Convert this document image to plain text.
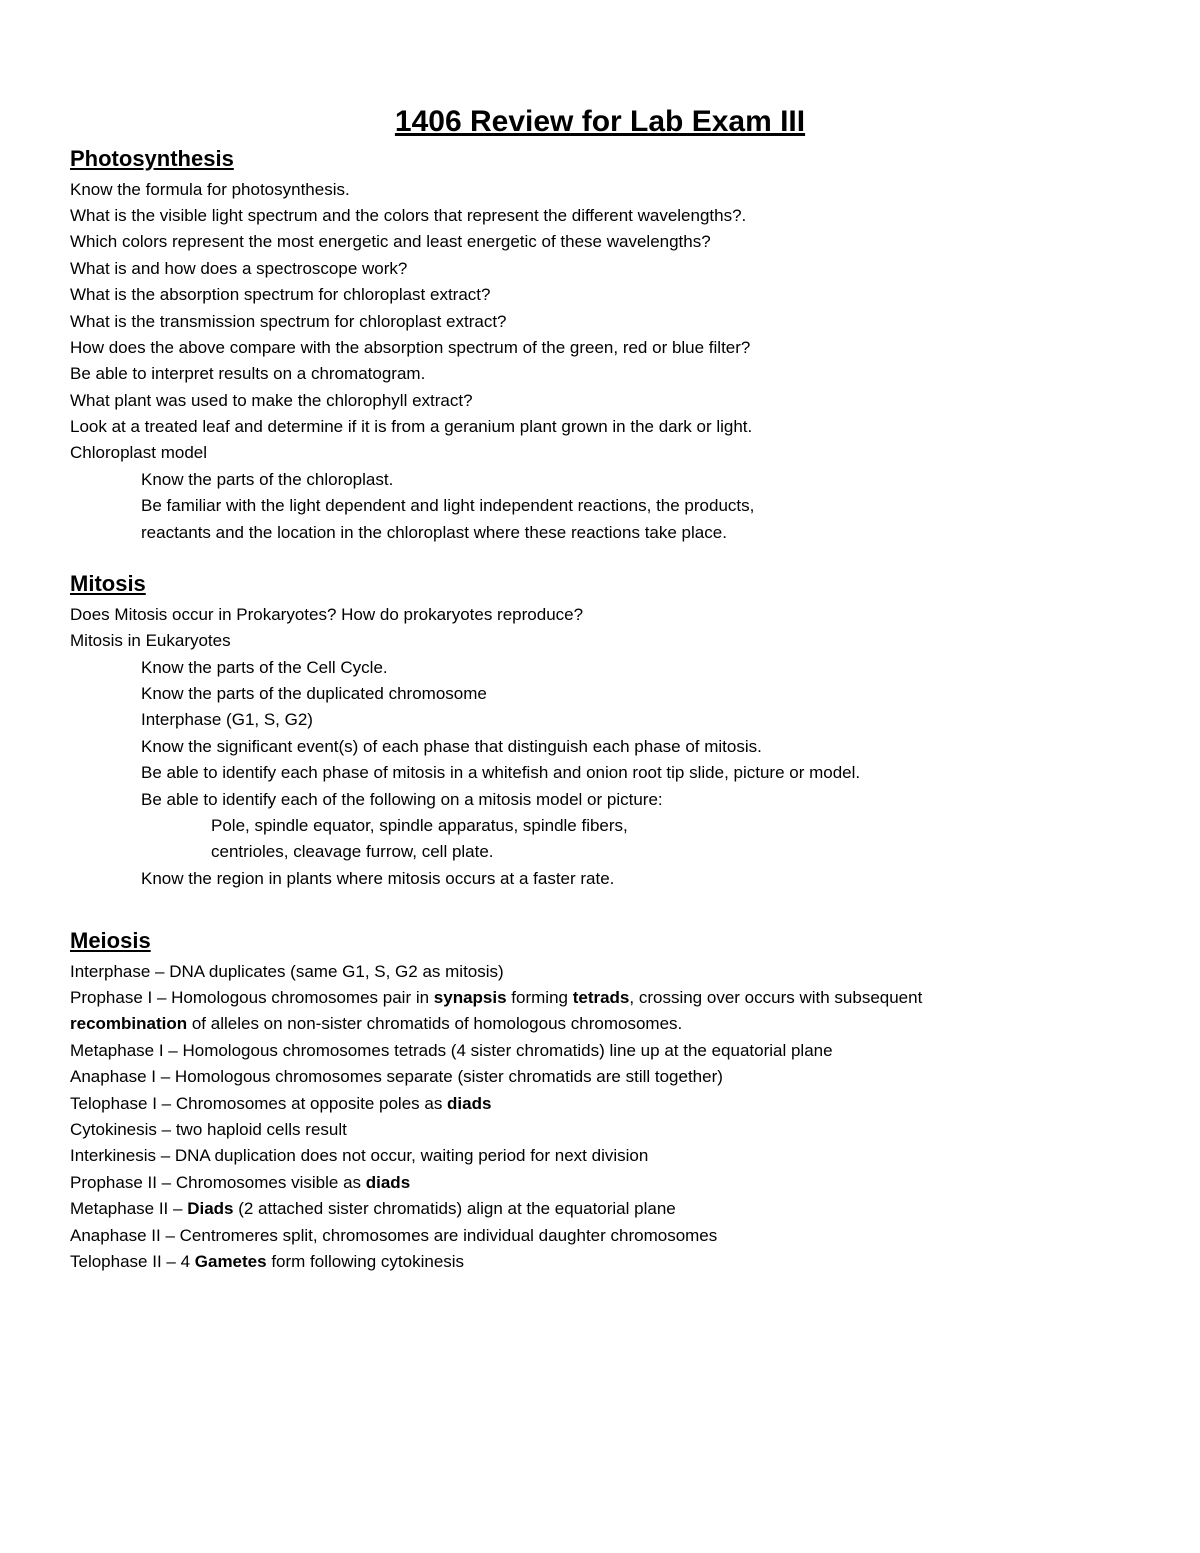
1406 Review for Lab Exam III
Photosynthesis
Know the formula for photosynthesis.
What is the visible light spectrum and the colors that represent the different wavelengths?.
Which colors represent the most energetic and least energetic of these wavelengths?
What is and how does a spectroscope work?
What is the absorption spectrum for chloroplast extract?
What is the transmission spectrum for chloroplast extract?
How does the above compare with the absorption spectrum of the green, red or blue filter?
Be able to interpret results on a chromatogram.
What plant was used to make the chlorophyll extract?
Look at a treated leaf and determine if it is from a geranium plant grown in the dark or light.
Chloroplast model
Know the parts of the chloroplast.
Be familiar with the light dependent and light independent reactions, the products,
reactants and the location in the chloroplast where these reactions take place.
Mitosis
Does Mitosis occur in Prokaryotes? How do prokaryotes reproduce?
Mitosis in Eukaryotes
Know the parts of the Cell Cycle.
Know the parts of the duplicated chromosome
Interphase (G1, S, G2)
Know the significant event(s) of each phase that distinguish each phase of mitosis.
Be able to identify each phase of mitosis in a whitefish and onion root tip slide, picture or model.
Be able to identify each of the following on a mitosis model or picture:
Pole, spindle equator, spindle apparatus, spindle fibers,
centrioles, cleavage furrow, cell plate.
Know the region in plants where mitosis occurs at a faster rate.
Meiosis
Interphase – DNA duplicates (same G1, S, G2 as mitosis)
Prophase I – Homologous chromosomes pair in synapsis forming tetrads, crossing over occurs with subsequent
recombination of alleles on non-sister chromatids of homologous chromosomes.
Metaphase I – Homologous chromosomes tetrads (4 sister chromatids) line up at the equatorial plane
Anaphase I – Homologous chromosomes separate (sister chromatids are still together)
Telophase I – Chromosomes at opposite poles as diads
Cytokinesis – two haploid cells result
Interkinesis – DNA duplication does not occur, waiting period for next division
Prophase II – Chromosomes visible as diads
Metaphase II – Diads (2 attached sister chromatids) align at the equatorial plane
Anaphase II – Centromeres split, chromosomes are individual daughter chromosomes
Telophase II – 4 Gametes form following cytokinesis
